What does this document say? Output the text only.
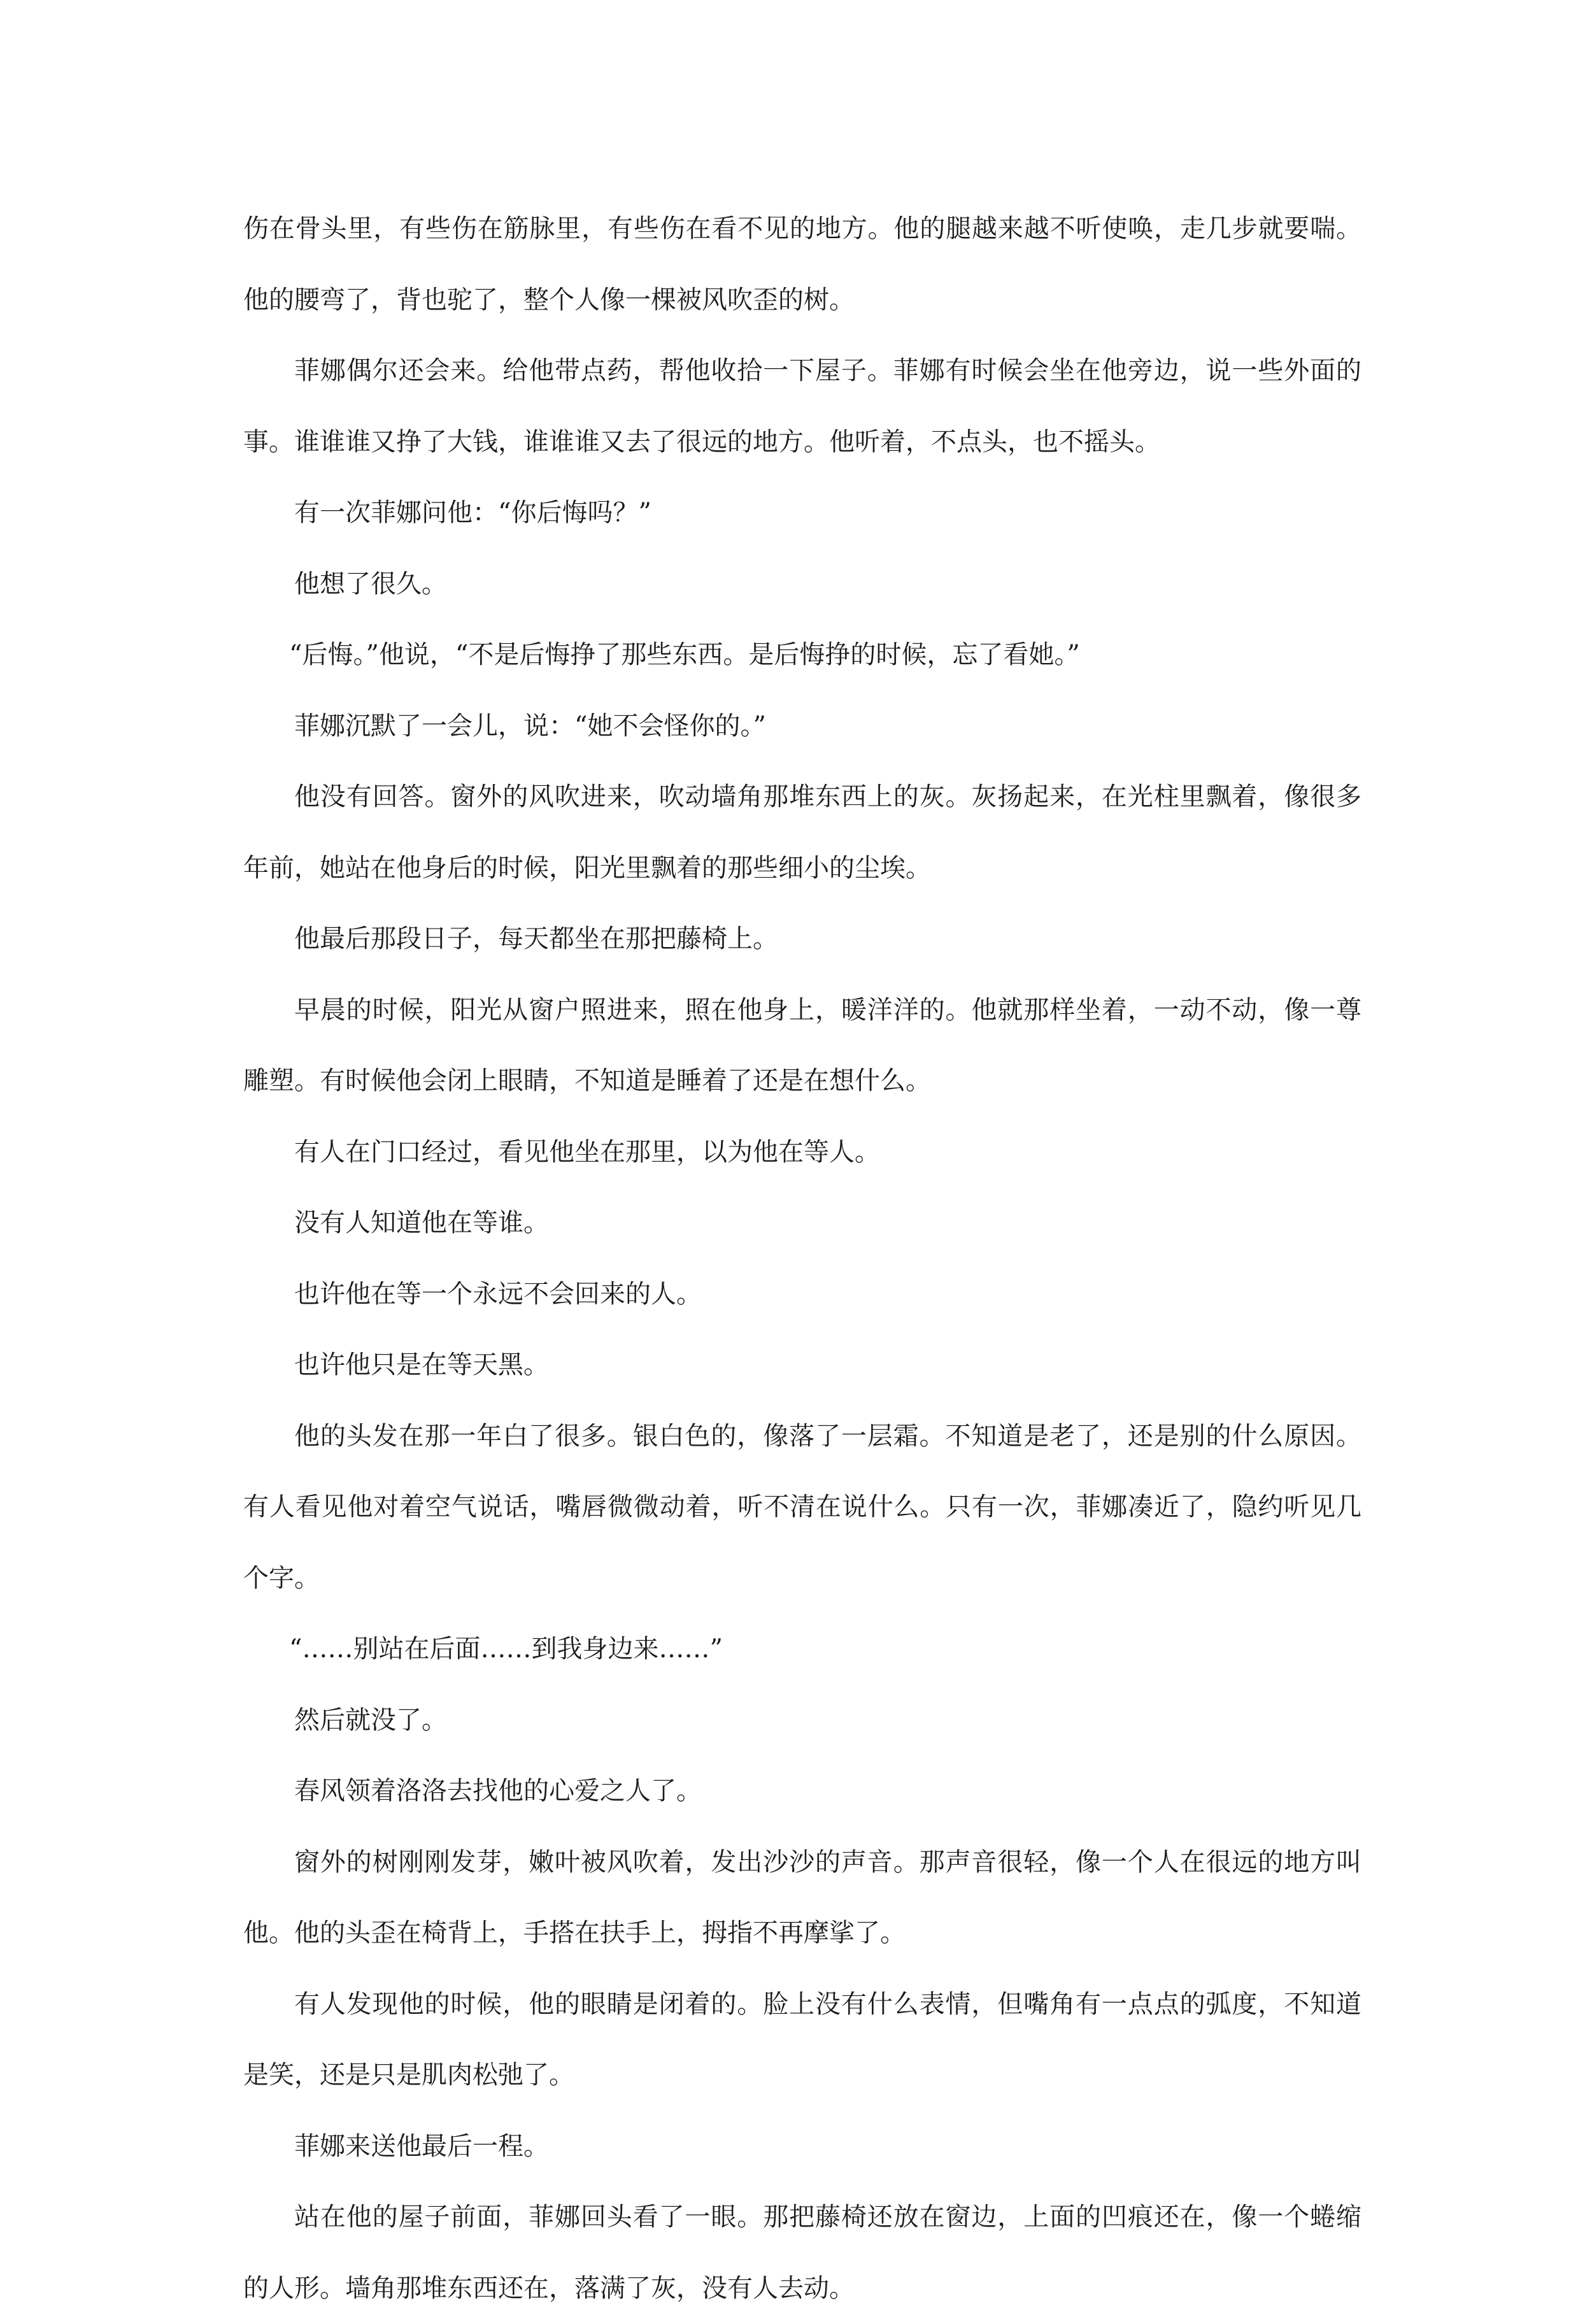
伤在骨头里，有些伤在筋脉里，有些伤在看不见的地方。他的腿越来越不听使唤，走几步就要喘。他的腰弯了，背也驼了，整个人像一棵被风吹歪的树。

菲娜偶尔还会来。给他带点药，帮他收拾一下屋子。菲娜有时候会坐在他旁边，说一些外面的事。谁谁谁又挣了大钱，谁谁谁又去了很远的地方。他听着，不点头，也不摇头。

有一次菲娜问他：“你后悔吗？”

他想了很久。

“后悔。”他说，“不是后悔挣了那些东西。是后悔挣的时候，忘了看她。”

菲娜沉默了一会儿，说：“她不会怪你的。”

他没有回答。窗外的风吹进来，吹动墙角那堆东西上的灰。灰扬起来，在光柱里飘着，像很多年前，她站在他身后的时候，阳光里飘着的那些细小的尘埃。

他最后那段日子，每天都坐在那把藤椅上。

早晨的时候，阳光从窗户照进来，照在他身上，暖洋洋的。他就那样坐着，一动不动，像一尊雕塑。有时候他会闭上眼睛，不知道是睡着了还是在想什么。

有人在门口经过，看见他坐在那里，以为他在等人。

没有人知道他在等谁。

也许他在等一个永远不会回来的人。

也许他只是在等天黑。

他的头发在那一年白了很多。银白色的，像落了一层霜。不知道是老了，还是别的什么原因。有人看见他对着空气说话，嘴唇微微动着，听不清在说什么。只有一次，菲娜凑近了，隐约听见几个字。

“……别站在后面……到我身边来……”

然后就没了。

春风领着洛洛去找他的心爱之人了。

窗外的树刚刚发芽，嫩叶被风吹着，发出沙沙的声音。那声音很轻，像一个人在很远的地方叫他。他的头歪在椅背上，手搭在扶手上，拇指不再摩挲了。

有人发现他的时候，他的眼睛是闭着的。脸上没有什么表情，但嘴角有一点点的弧度，不知道是笑，还是只是肌肉松弛了。

菲娜来送他最后一程。

站在他的屋子前面，菲娜回头看了一眼。那把藤椅还放在窗边，上面的凹痕还在，像一个蜷缩的人形。墙角那堆东西还在，落满了灰，没有人去动。
